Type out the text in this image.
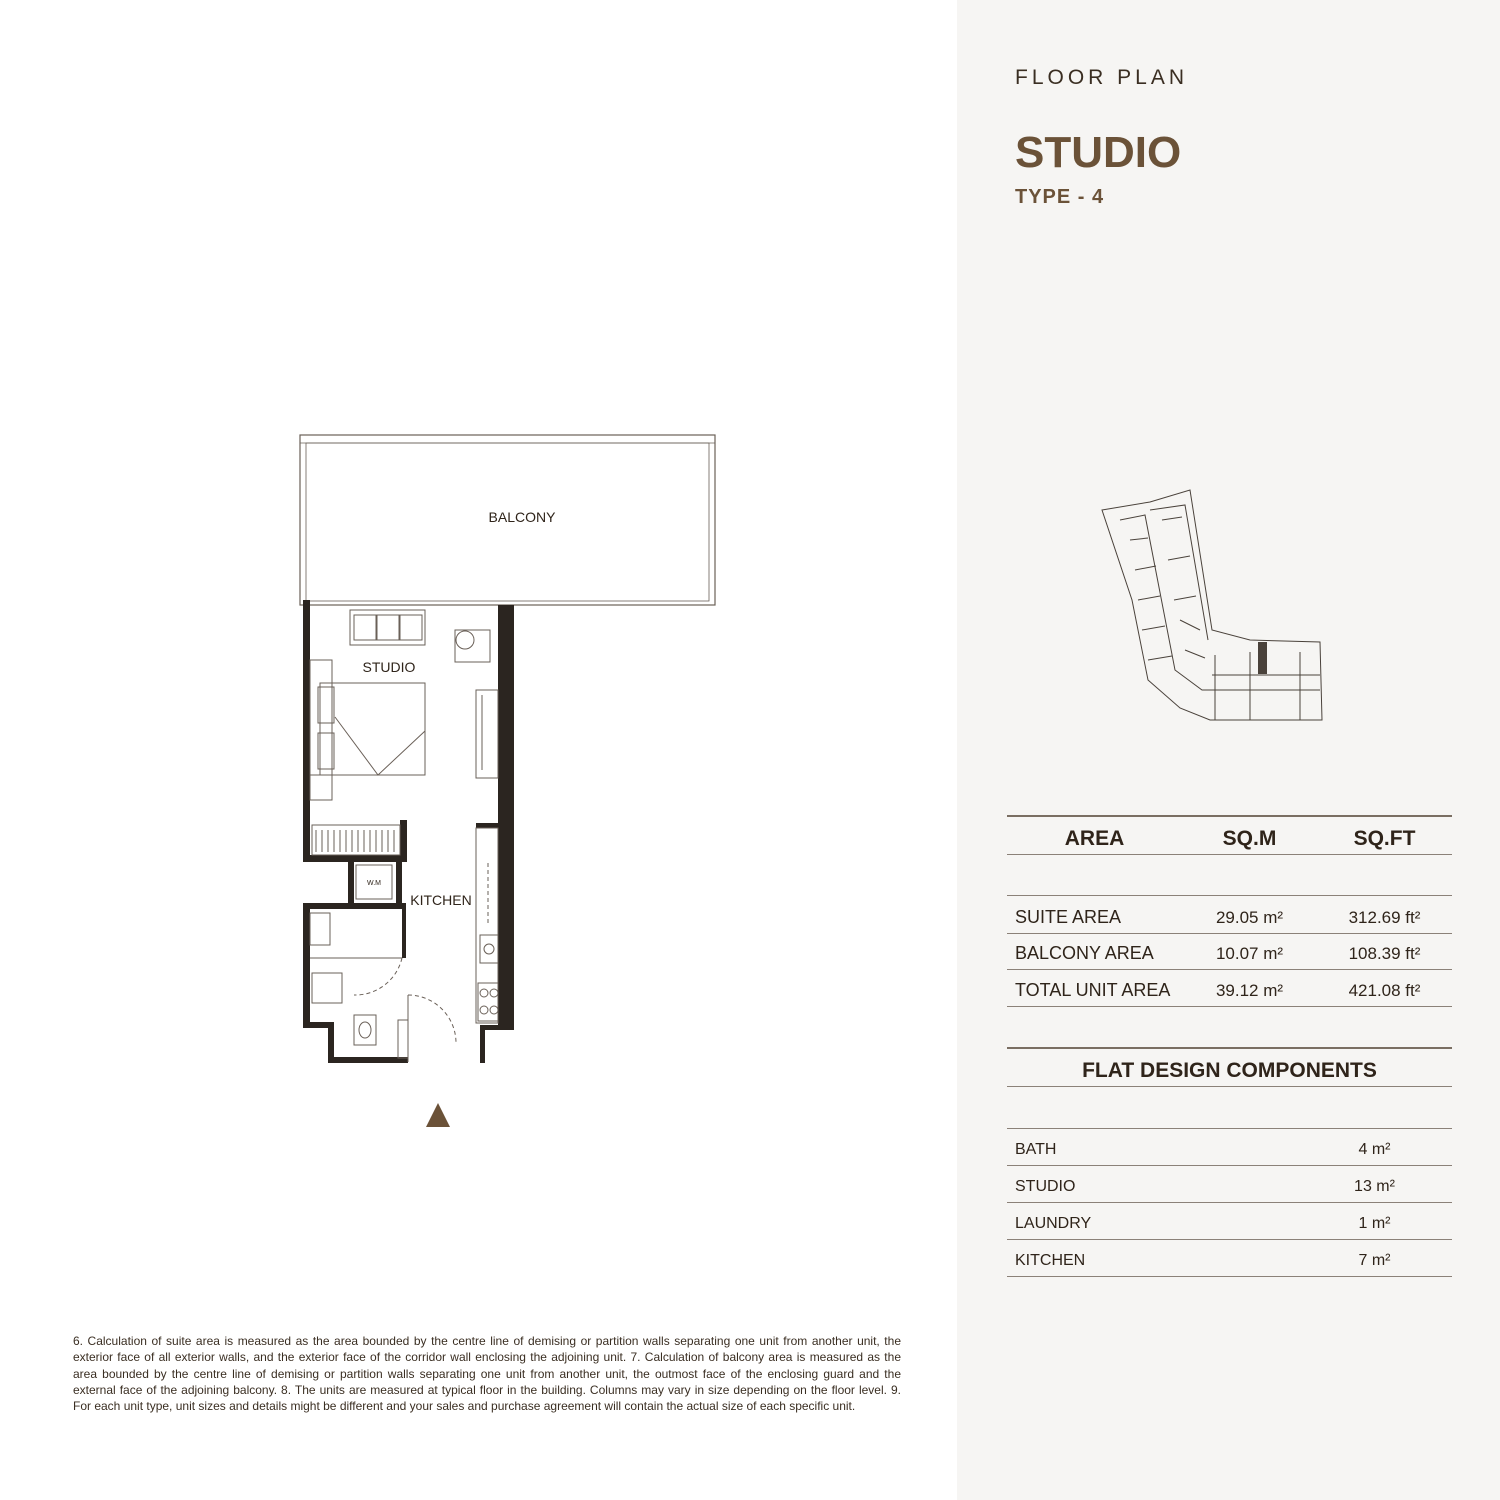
FLOOR PLAN
STUDIO
TYPE - 4
BALCONY
STUDIO
KITCHEN
W.M
AREA	SQ.M	SQ.FT
SUITE AREA	29.05 m²	312.69 ft²
BALCONY AREA	10.07 m²	108.39 ft²
TOTAL UNIT AREA	39.12 m²	421.08 ft²
FLAT DESIGN COMPONENTS
BATH	4 m²
STUDIO	13 m²
LAUNDRY	1 m²
KITCHEN	7 m²
6. Calculation of suite area is measured as the area bounded by the centre line of demising or partition walls separating one unit from another unit, the exterior face of all exterior walls, and the exterior face of the corridor wall enclosing the adjoining unit. 7. Calculation of balcony area is measured as the area bounded by the centre line of demising or partition walls separating one unit from another unit, the outmost face of the enclosing guard and the external face of the adjoining balcony. 8. The units are measured at typical floor in the building. Columns may vary in size depending on the floor level. 9. For each unit type, unit sizes and details might be different and your sales and purchase agreement will contain the actual size of each specific unit.
